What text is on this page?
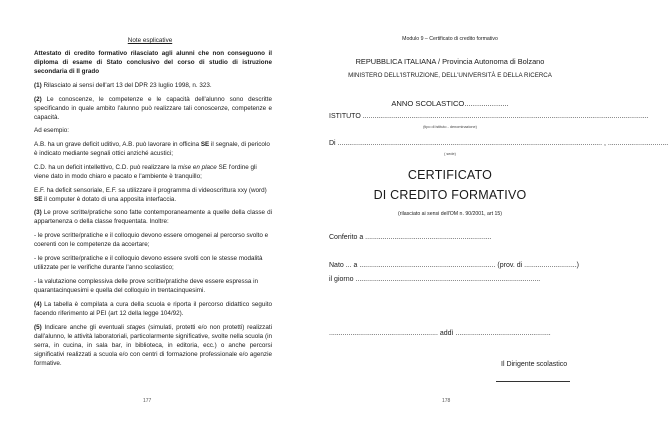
Note esplicative
Attestato di credito formativo rilasciato agli alunni che non conseguono il diploma di esame di Stato conclusivo del corso di studio di istruzione secondaria di II grado
(1) Rilasciato ai sensi dell'art 13 del DPR 23 luglio 1998, n. 323.
(2) Le conoscenze, le competenze e le capacità dell'alunno sono descritte specificando in quale ambito l'alunno può realizzare tali conoscenze, competenze e capacità.
Ad esempio:
A.B. ha un grave deficit uditivo, A.B. può lavorare in officina SE il segnale, di pericolo è indicato mediante segnali ottici anziché acustici;
C.D. ha un deficit intellettivo, C.D. può realizzare la mise en place SE l'ordine gli viene dato in modo chiaro e pacato e l'ambiente è tranquillo;
E.F. ha deficit sensoriale, E.F. sa utilizzare il programma di videoscrittura xxy (word) SE il computer è dotato di una apposita interfaccia.
(3) Le prove scritte/pratiche sono fatte contemporaneamente a quelle della classe di appartenenza o della classe frequentata. Inoltre:
- le prove scritte/pratiche e il colloquio devono essere omogenei al percorso svolto e coerenti con le competenze da accertare;
- le prove scritte/pratiche e il colloquio devono essere svolti con le stesse modalità utilizzate per le verifiche durante l'anno scolastico;
- la valutazione complessiva delle prove scritte/pratiche deve essere espressa in quarantacinquesimi e quella del colloquio in trentacinquesimi.
(4) La tabella è compilata a cura della scuola e riporta il percorso didattico seguito facendo riferimento al PEI (art 12 della legge 104/92).
(5) Indicare anche gli eventuali stages (simulati, protetti e/o non protetti) realizzati dall'alunno, le attività laboratoriali, particolarmente significative, svolte nella scuola (in serra, in cucina, in sala bar, in biblioteca, in editoria, ecc.) o anche percorsi significativi realizzati a scuola e/o con centri di formazione professionale e/o agenzie formative.
177
Modulo 9 – Certificato di credito formativo
REPUBBLICA ITALIANA / Provincia Autonoma di Bolzano
MINISTERO DELL'ISTRUZIONE, DELL'UNIVERSITÀ E DELLA RICERCA
ANNO SCOLASTICO.....................
ISTITUTO ...................................................................................................................................................
(tipo di istituto - denominazione)
Di ........................................................................................................................................ , ...............................
( sede)
CERTIFICATO
DI CREDITO FORMATIVO
(rilasciato ai sensi dell'OM n. 90/2001, art 15)
Conferito a .................................................................
Nato ... a ...................................................................... (prov. di ...........................)
il giorno ...............................................................................................
........................................................ addì .................................................
Il Dirigente scolastico
178
